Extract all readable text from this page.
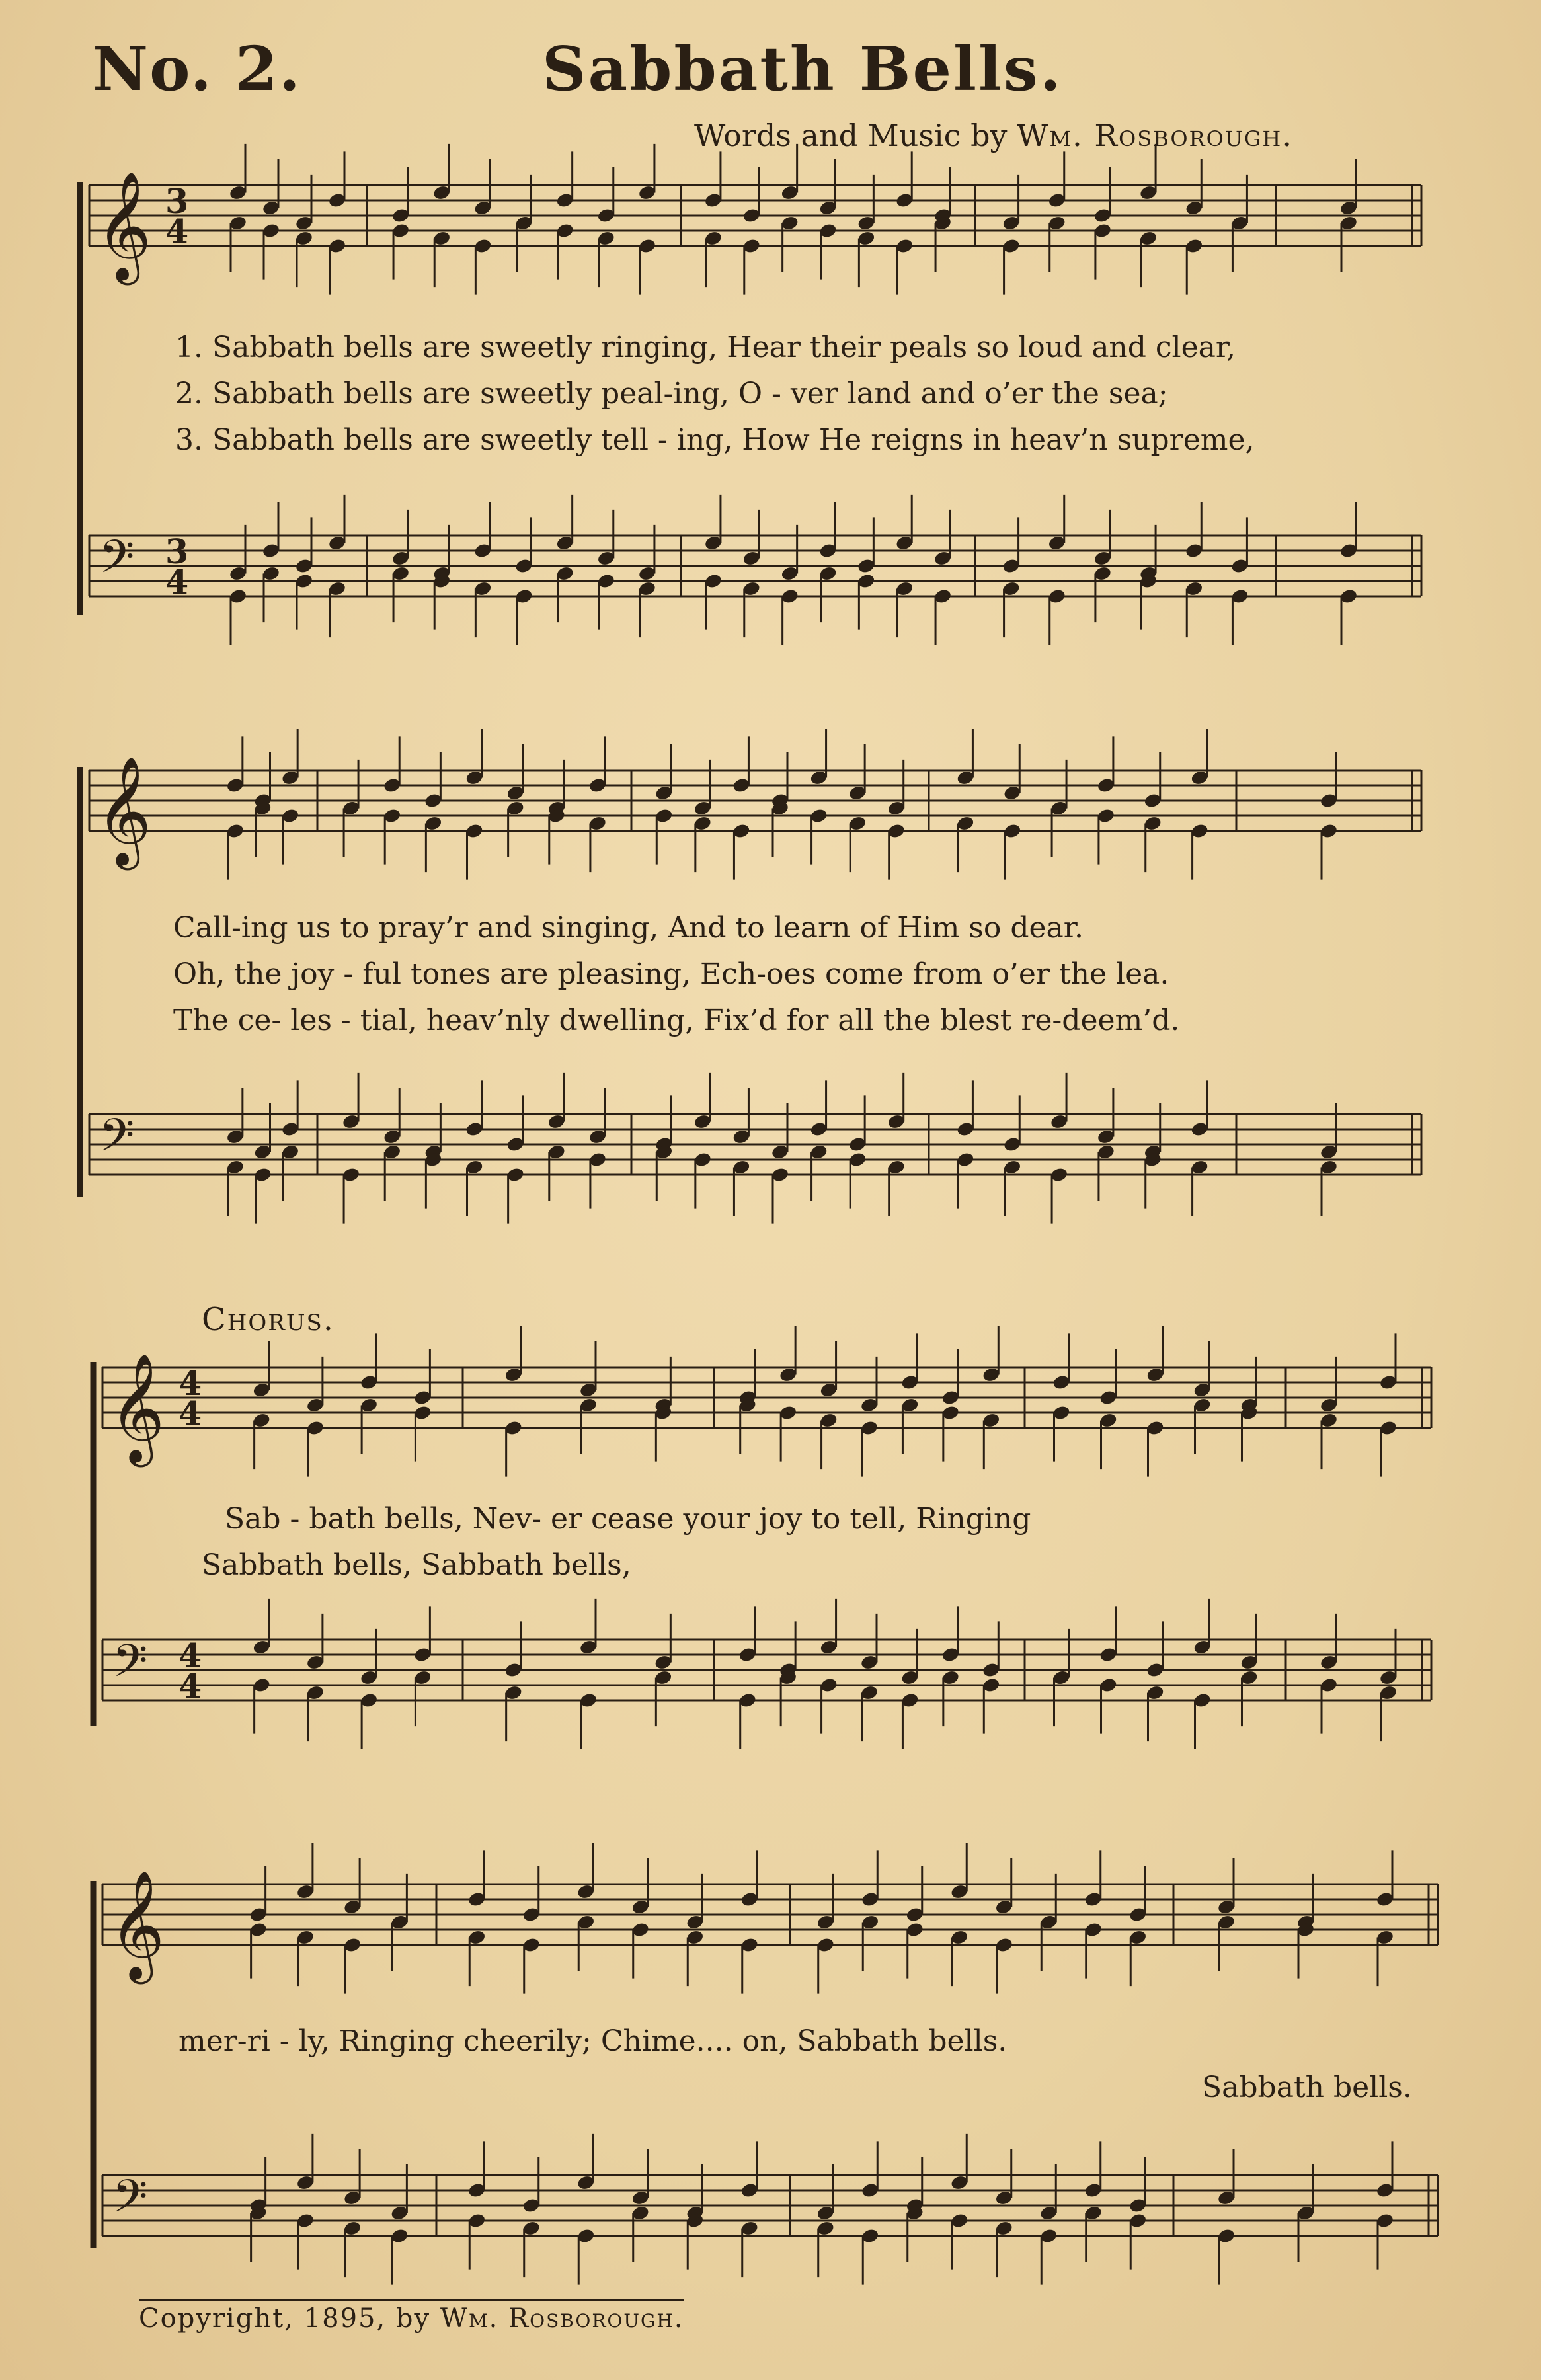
No. 2.	Sabbath Bells.
Words and Music by Wm. Rosborough.
𝄞
𝄢
3
4
3
4
𝄞
𝄢
𝄞
𝄢
4
4
4
4
𝄞
𝄢
1. Sabbath bells are sweetly ringing, Hear their peals so loud and clear,
2. Sabbath bells are sweetly peal-ing, O - ver land and o’er the sea;
3. Sabbath bells are sweetly tell - ing, How He reigns in heav’n supreme,
Call-ing us to pray’r and singing, And to learn of Him so dear.
Oh, the joy - ful tones are pleasing, Ech-oes come from o’er the lea.
The ce- les - tial, heav’nly dwelling, Fix’d for all the blest re-deem’d.
Chorus.
Sab - bath bells, Nev- er cease your joy to tell, Ringing
Sabbath bells, Sabbath bells,
mer-ri - ly, Ringing cheerily; Chime.... on, Sabbath bells.
Sabbath bells.
Copyright, 1895, by Wm. Rosborough.
